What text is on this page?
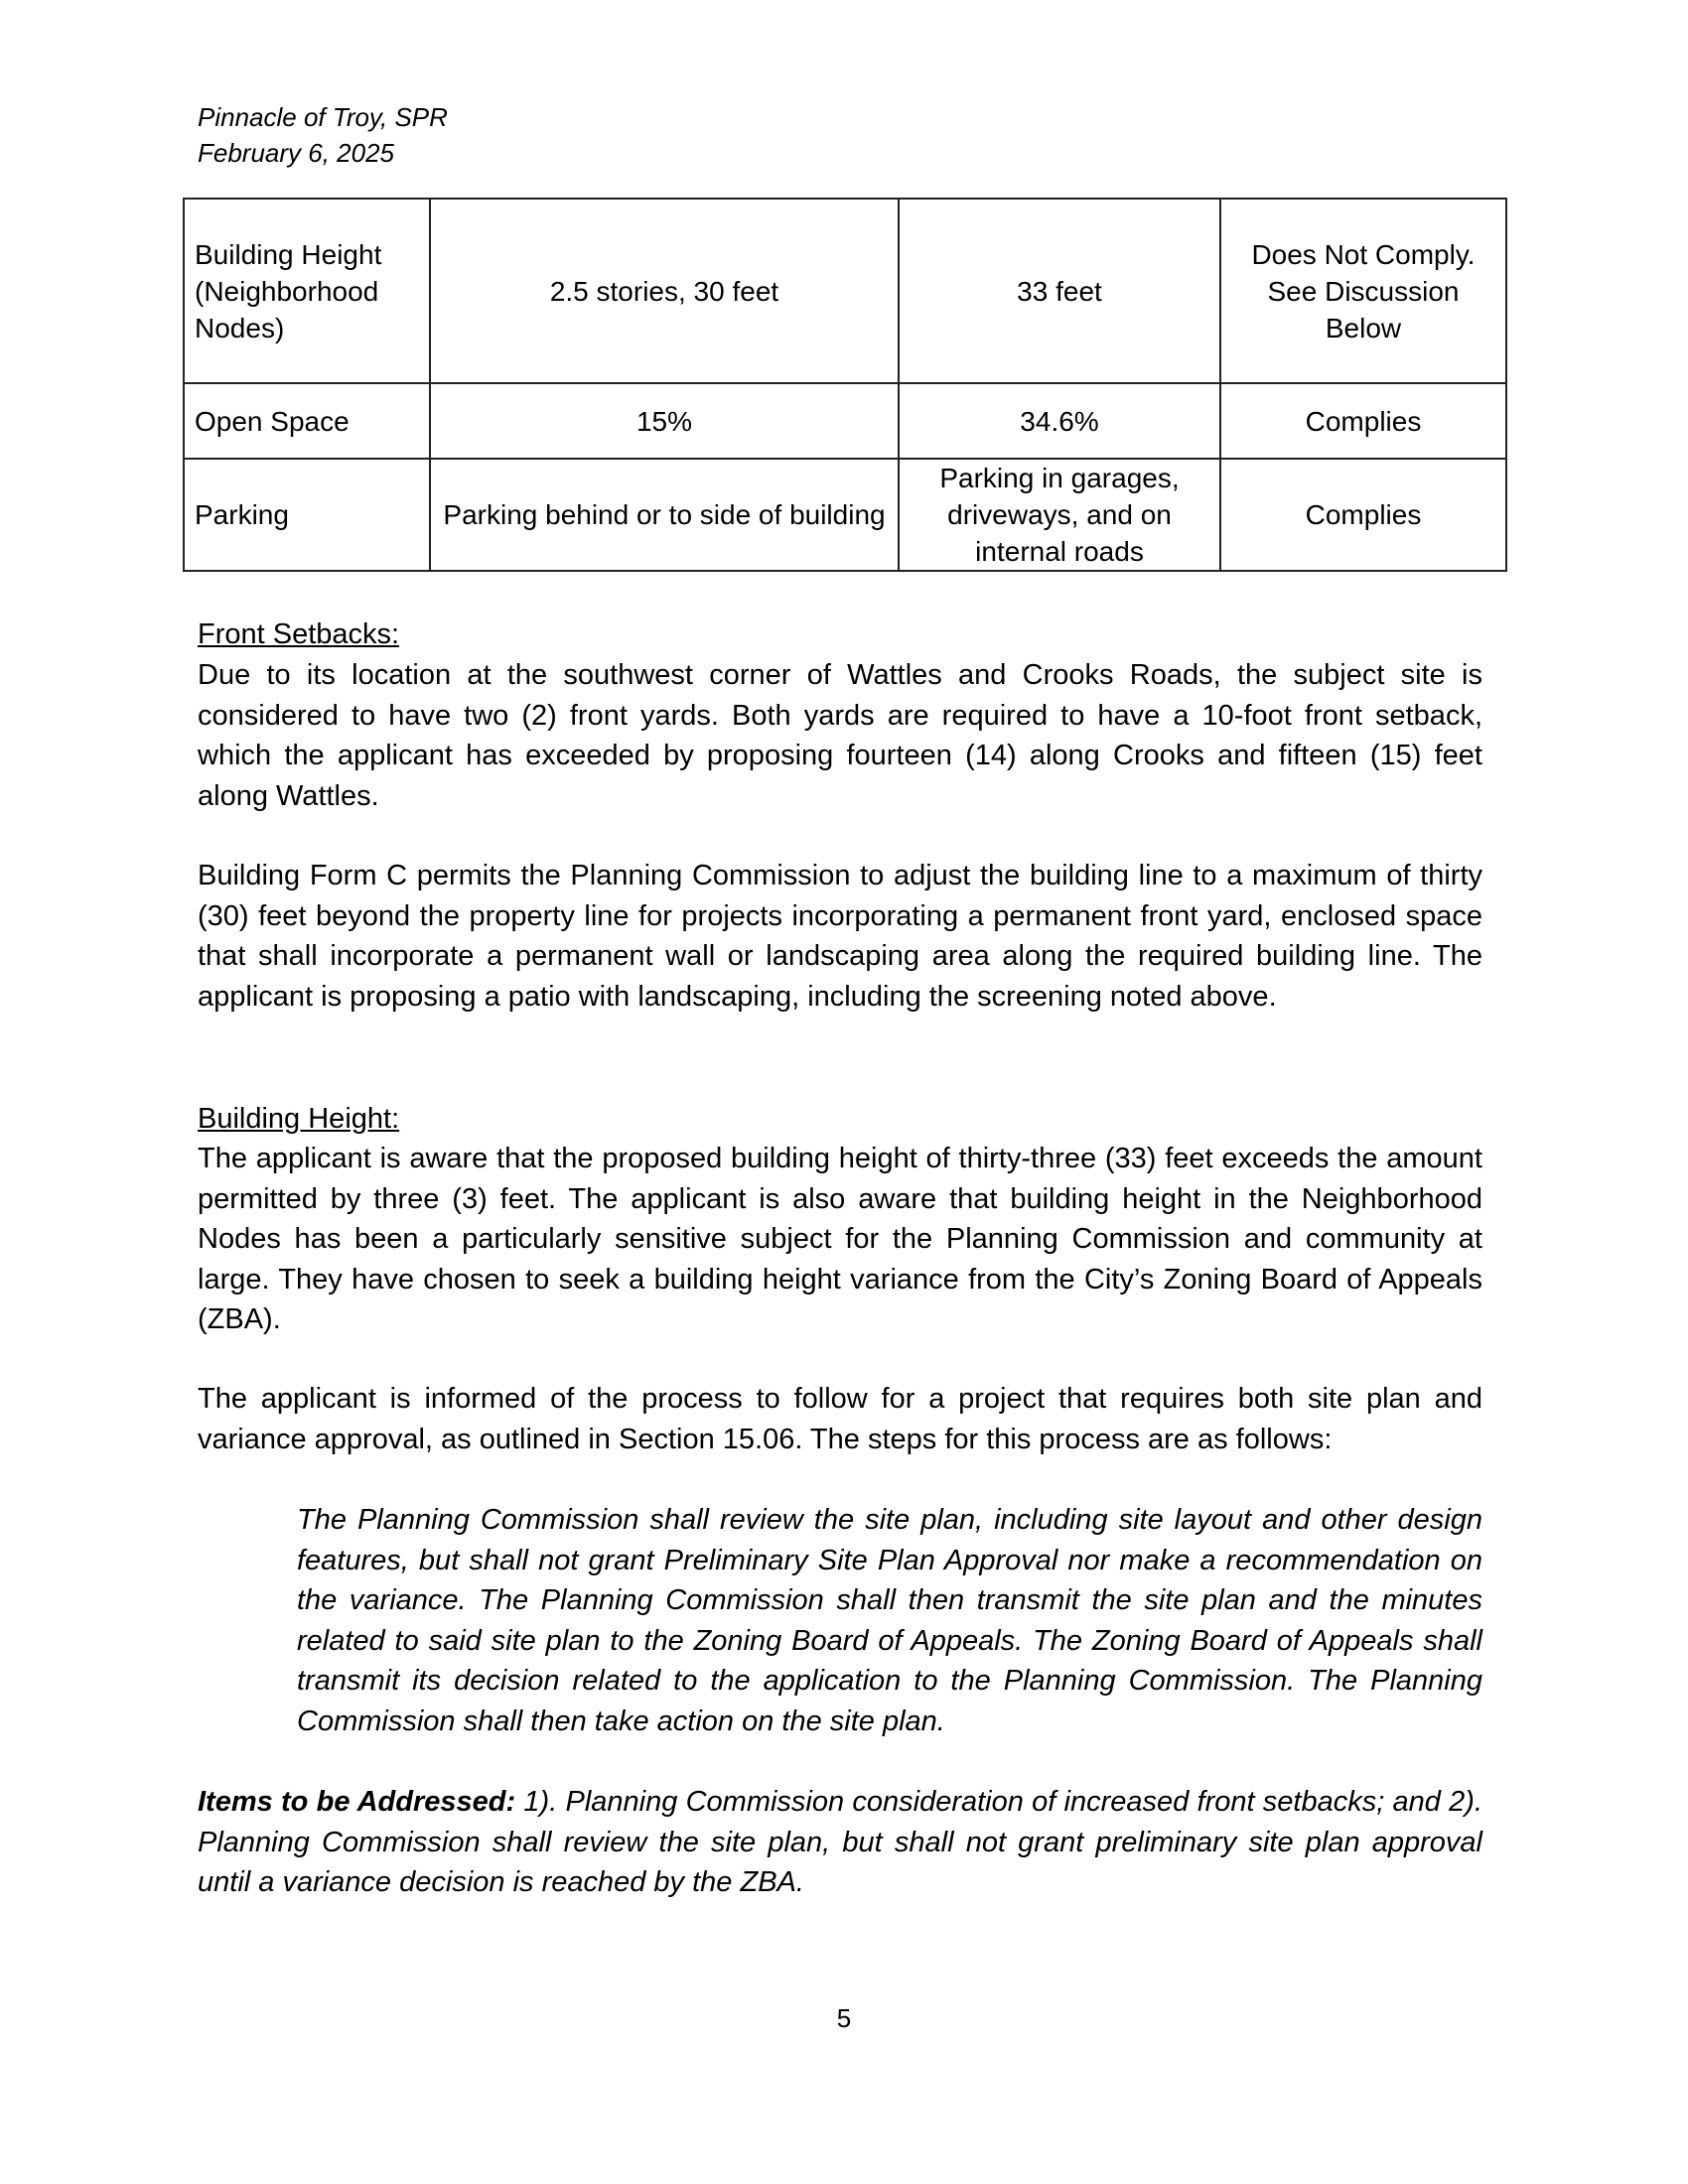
Pinnacle of Troy, SPR
February 6, 2025
Building Height (Neighborhood Nodes)	2.5 stories, 30 feet	33 feet	Does Not Comply. See Discussion Below
Open Space	15%	34.6%	Complies
Parking	Parking behind or to side of building	Parking in garages, driveways, and on internal roads	Complies
Front Setbacks:
Due to its location at the southwest corner of Wattles and Crooks Roads, the subject site is considered to have two (2) front yards. Both yards are required to have a 10-foot front setback, which the applicant has exceeded by proposing fourteen (14) along Crooks and fifteen (15) feet along Wattles.
Building Form C permits the Planning Commission to adjust the building line to a maximum of thirty (30) feet beyond the property line for projects incorporating a permanent front yard, enclosed space that shall incorporate a permanent wall or landscaping area along the required building line. The applicant is proposing a patio with landscaping, including the screening noted above.
Building Height:
The applicant is aware that the proposed building height of thirty-three (33) feet exceeds the amount permitted by three (3) feet. The applicant is also aware that building height in the Neighborhood Nodes has been a particularly sensitive subject for the Planning Commission and community at large. They have chosen to seek a building height variance from the City’s Zoning Board of Appeals (ZBA).
The applicant is informed of the process to follow for a project that requires both site plan and variance approval, as outlined in Section 15.06. The steps for this process are as follows:
The Planning Commission shall review the site plan, including site layout and other design features, but shall not grant Preliminary Site Plan Approval nor make a recommendation on the variance. The Planning Commission shall then transmit the site plan and the minutes related to said site plan to the Zoning Board of Appeals. The Zoning Board of Appeals shall transmit its decision related to the application to the Planning Commission. The Planning Commission shall then take action on the site plan.
Items to be Addressed: 1). Planning Commission consideration of increased front setbacks; and 2). Planning Commission shall review the site plan, but shall not grant preliminary site plan approval until a variance decision is reached by the ZBA.
5
